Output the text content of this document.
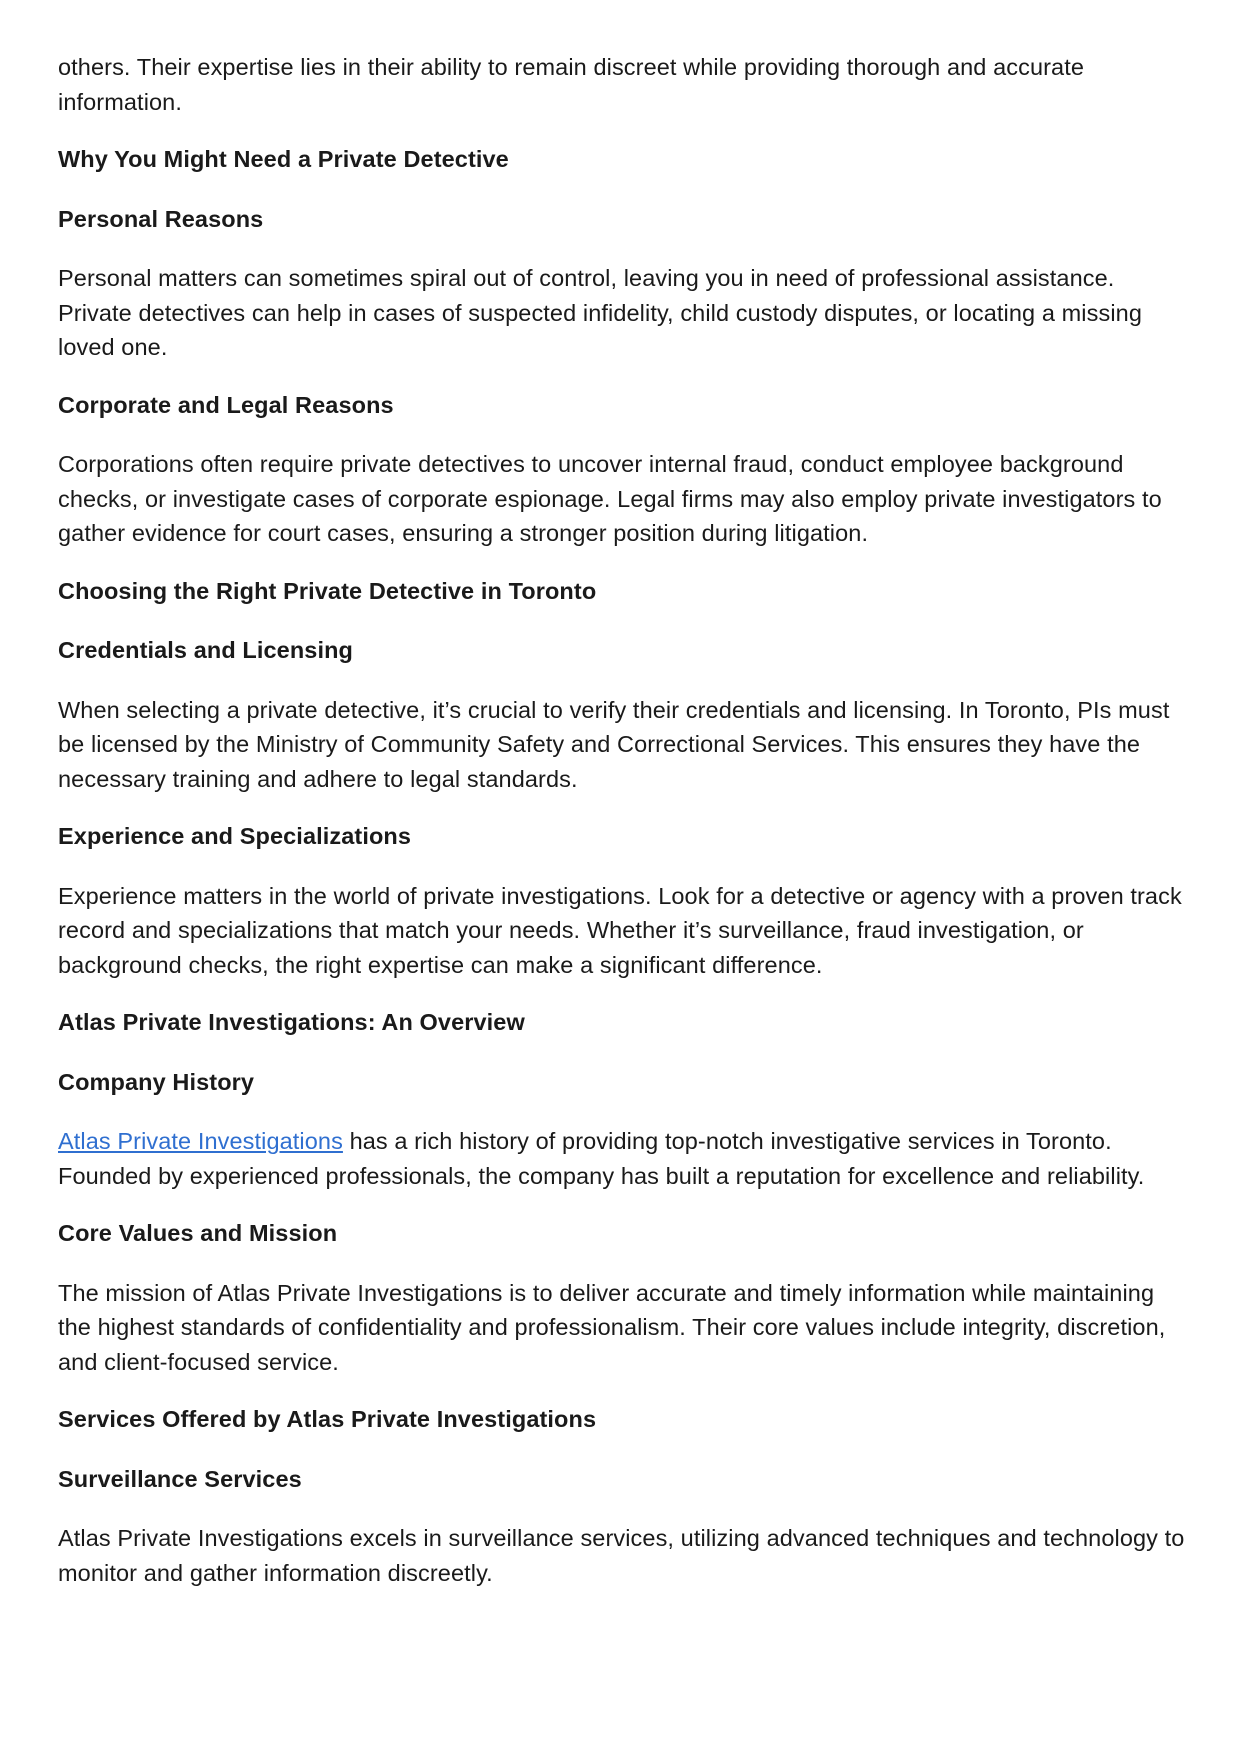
others. Their expertise lies in their ability to remain discreet while providing thorough and accurate information.

Why You Might Need a Private Detective

Personal Reasons

Personal matters can sometimes spiral out of control, leaving you in need of professional assistance. Private detectives can help in cases of suspected infidelity, child custody disputes, or locating a missing loved one.

Corporate and Legal Reasons

Corporations often require private detectives to uncover internal fraud, conduct employee background checks, or investigate cases of corporate espionage. Legal firms may also employ private investigators to gather evidence for court cases, ensuring a stronger position during litigation.

Choosing the Right Private Detective in Toronto

Credentials and Licensing

When selecting a private detective, it’s crucial to verify their credentials and licensing. In Toronto, PIs must be licensed by the Ministry of Community Safety and Correctional Services. This ensures they have the necessary training and adhere to legal standards.

Experience and Specializations

Experience matters in the world of private investigations. Look for a detective or agency with a proven track record and specializations that match your needs. Whether it’s surveillance, fraud investigation, or background checks, the right expertise can make a significant difference.

Atlas Private Investigations: An Overview

Company History

Atlas Private Investigations has a rich history of providing top-notch investigative services in Toronto. Founded by experienced professionals, the company has built a reputation for excellence and reliability.

Core Values and Mission

The mission of Atlas Private Investigations is to deliver accurate and timely information while maintaining the highest standards of confidentiality and professionalism. Their core values include integrity, discretion, and client-focused service.

Services Offered by Atlas Private Investigations

Surveillance Services

Atlas Private Investigations excels in surveillance services, utilizing advanced techniques and technology to monitor and gather information discreetly.
